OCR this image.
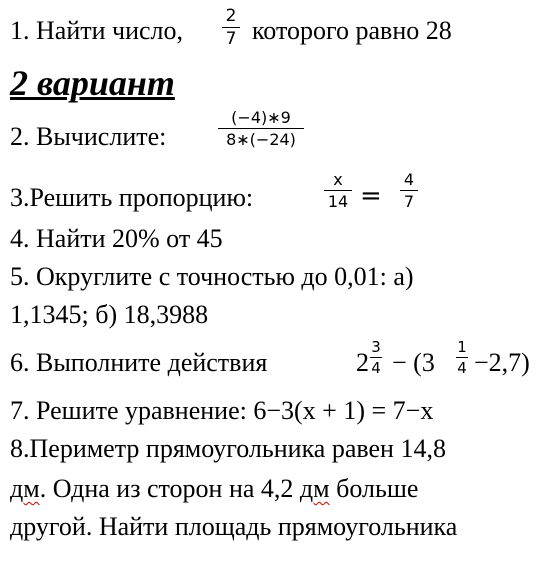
1. Найти число,	2
7 которого равно 28
2 вариант
2. Вычислите:
(−4)∗9
8∗(−24)
3.Решить пропорцию:
x
14 =
4
7
4. Найти 20% от 45
5. Округлите с точностью до 0,01: а)
1,1345; б) 18,3988
6. Выполните действия	2
3
4 − (3
1
4 −2,7)
7. Решите уравнение: 6−3(x + 1) = 7−x
8.Периметр прямоугольника равен 14,8
дм. Одна из сторон на 4,2 дм больше
другой. Найти площадь прямоугольника
